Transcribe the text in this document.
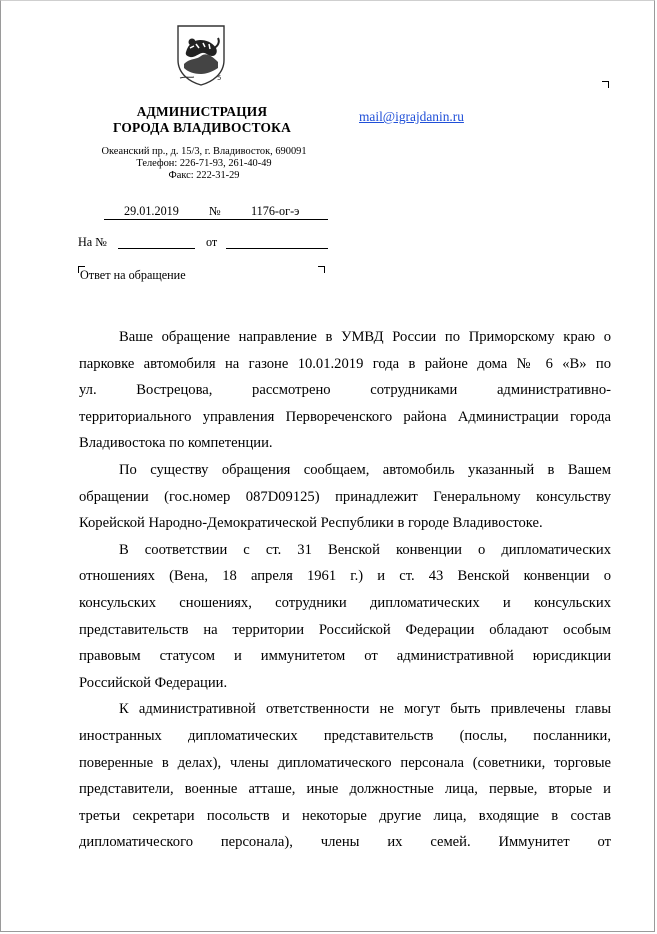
5
АДМИНИСТРАЦИЯ
ГОРОДА ВЛАДИВОСТОКА
Океанский пр., д. 15/3, г. Владивосток, 690091
Телефон: 226-71-93, 261-40-49
Факс: 222-31-29
mail@igrajdanin.ru
29.01.2019 № 1176-ог-э
На №	от
Ответ на обращение
Ваше обращение направление в УМВД России по Приморскому краю о
парковке автомобиля на газоне 10.01.2019 года в районе дома № 6 «В» по
ул. Вострецова, рассмотрено сотрудниками административно-
территориального управления Первореченского района Администрации города
Владивостока по компетенции.
По существу обращения сообщаем, автомобиль указанный в Вашем
обращении (гос.номер 087D09125) принадлежит Генеральному консульству
Корейской Народно-Демократической Республики в городе Владивостоке.
В соответствии с ст. 31 Венской конвенции о дипломатических
отношениях (Вена, 18 апреля 1961 г.) и ст. 43 Венской конвенции о
консульских сношениях, сотрудники дипломатических и консульских
представительств на территории Российской Федерации обладают особым
правовым статусом и иммунитетом от административной юрисдикции
Российской Федерации.
К административной ответственности не могут быть привлечены главы
иностранных дипломатических представительств (послы, посланники,
поверенные в делах), члены дипломатического персонала (советники, торговые
представители, военные атташе, иные должностные лица, первые, вторые и
третьи секретари посольств и некоторые другие лица, входящие в состав
дипломатического персонала), члены их семей. Иммунитет от
